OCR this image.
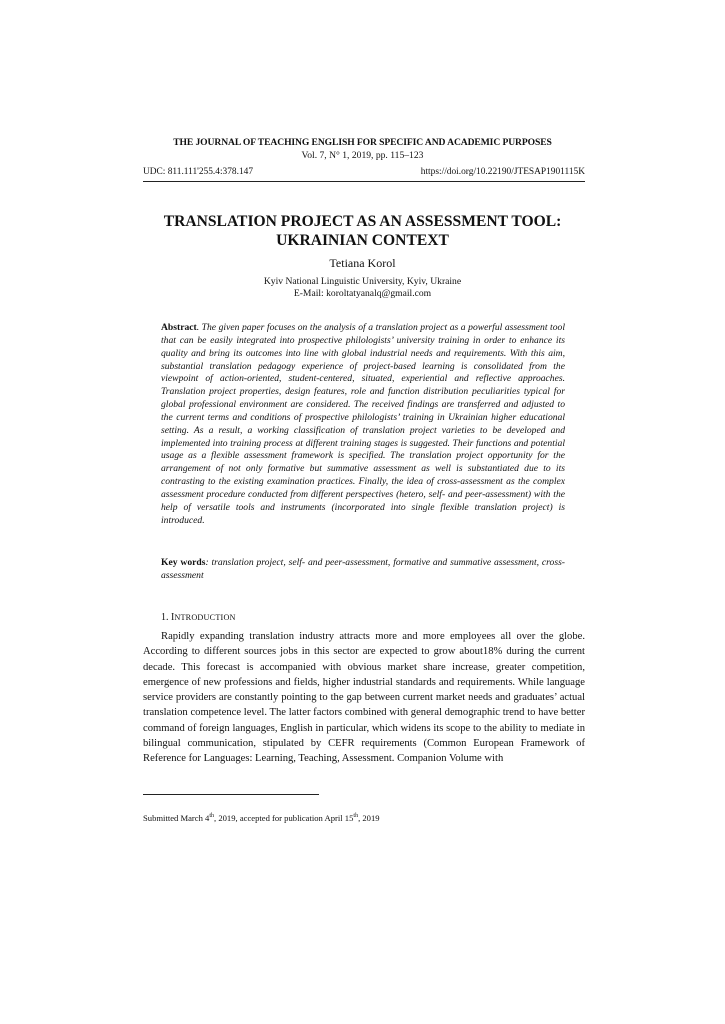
THE JOURNAL OF TEACHING ENGLISH FOR SPECIFIC AND ACADEMIC PURPOSES
Vol. 7, N° 1, 2019, pp. 115–123
UDC: 811.111'255.4:378.147	https://doi.org/10.22190/JTESAP1901115K
TRANSLATION PROJECT AS AN ASSESSMENT TOOL:
UKRAINIAN CONTEXT
Tetiana Korol
Kyiv National Linguistic University, Kyiv, Ukraine
E-Mail: koroltatyanalq@gmail.com
Abstract. The given paper focuses on the analysis of a translation project as a powerful assessment tool that can be easily integrated into prospective philologists’ university training in order to enhance its quality and bring its outcomes into line with global industrial needs and requirements. With this aim, substantial translation pedagogy experience of project-based learning is consolidated from the viewpoint of action-oriented, student-centered, situated, experiential and reflective approaches. Translation project properties, design features, role and function distribution peculiarities typical for global professional environment are considered. The received findings are transferred and adjusted to the current terms and conditions of prospective philologists’ training in Ukrainian higher educational setting. As a result, a working classification of translation project varieties to be developed and implemented into training process at different training stages is suggested. Their functions and potential usage as a flexible assessment framework is specified. The translation project opportunity for the arrangement of not only formative but summative assessment as well is substantiated due to its contrasting to the existing examination practices. Finally, the idea of cross-assessment as the complex assessment procedure conducted from different perspectives (hetero, self- and peer-assessment) with the help of versatile tools and instruments (incorporated into single flexible translation project) is introduced.
Key words: translation project, self- and peer-assessment, formative and summative assessment, cross-assessment
1. INTRODUCTION
Rapidly expanding translation industry attracts more and more employees all over the globe. According to different sources jobs in this sector are expected to grow about18% during the current decade. This forecast is accompanied with obvious market share increase, greater competition, emergence of new professions and fields, higher industrial standards and requirements. While language service providers are constantly pointing to the gap between current market needs and graduates’ actual translation competence level. The latter factors combined with general demographic trend to have better command of foreign languages, English in particular, which widens its scope to the ability to mediate in bilingual communication, stipulated by CEFR requirements (Common European Framework of Reference for Languages: Learning, Teaching, Assessment. Companion Volume with
Submitted March 4th, 2019, accepted for publication April 15th, 2019
